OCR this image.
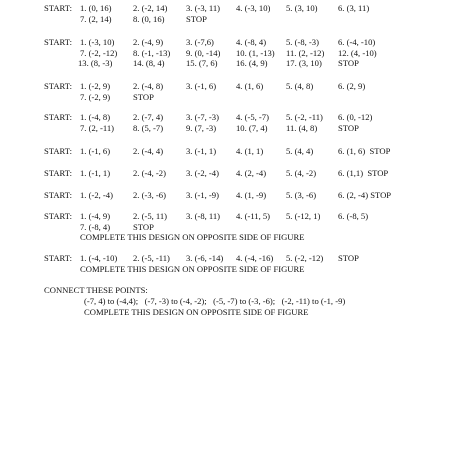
START: 1. (0, 16) 2. (-2, 14) 3. (-3, 11) 4. (-3, 10) 5. (3, 10) 6. (3, 11)
7. (2, 14) 8. (0, 16) STOP
START: 1. (-3, 10) 2. (-4, 9)	3. (-7,6)	4. (-8, 4) 5. (-8, -3) 6. (-4, -10)
7. (-2, -12) 8. (-1, -13) 9. (0, -14) 10. (1, -13) 11. (2, -12) 12. (4, -10)
13. (8, -3) 14. (8, 4) 15. (7, 6) 16. (4, 9) 17. (3, 10) STOP
START: 1. (-2, 9)	2. (-4, 8)	3. (-1, 6) 4. (1, 6)	5. (4, 8)	6. (2, 9)
7. (-2, 9)	STOP
START: 1. (-4, 8)	2. (-7, 4)	3. (-7, -3) 4. (-5, -7) 5. (-2, -11) 6. (0, -12)
7. (2, -11) 8. (5, -7)	9. (7, -3) 10. (7, 4) 11. (4, 8) STOP
START: 1. (-1, 6)	2. (-4, 4)	3. (-1, 1) 4. (1, 1)	5. (4, 4)	6. (1, 6)  STOP
START: 1. (-1, 1)	2. (-4, -2) 3. (-2, -4) 4. (2, -4) 5. (4, -2)	6. (1,1)  STOP
START: 1. (-2, -4) 2. (-3, -6) 3. (-1, -9) 4. (1, -9) 5. (3, -6)	6. (2, -4) STOP
START: 1. (-4, 9)	2. (-5, 11) 3. (-8, 11) 4. (-11, 5) 5. (-12, 1) 6. (-8, 5)
7. (-8, 4)	STOP
COMPLETE THIS DESIGN ON OPPOSITE SIDE OF FIGURE
START: 1. (-4, -10) 2. (-5, -11) 3. (-6, -14) 4. (-4, -16) 5. (-2, -12) STOP
COMPLETE THIS DESIGN ON OPPOSITE SIDE OF FIGURE
CONNECT THESE POINTS:
(-7, 4) to (-4,4);   (-7, -3) to (-4, -2);   (-5, -7) to (-3, -6);   (-2, -11) to (-1, -9)
COMPLETE THIS DESIGN ON OPPOSITE SIDE OF FIGURE
